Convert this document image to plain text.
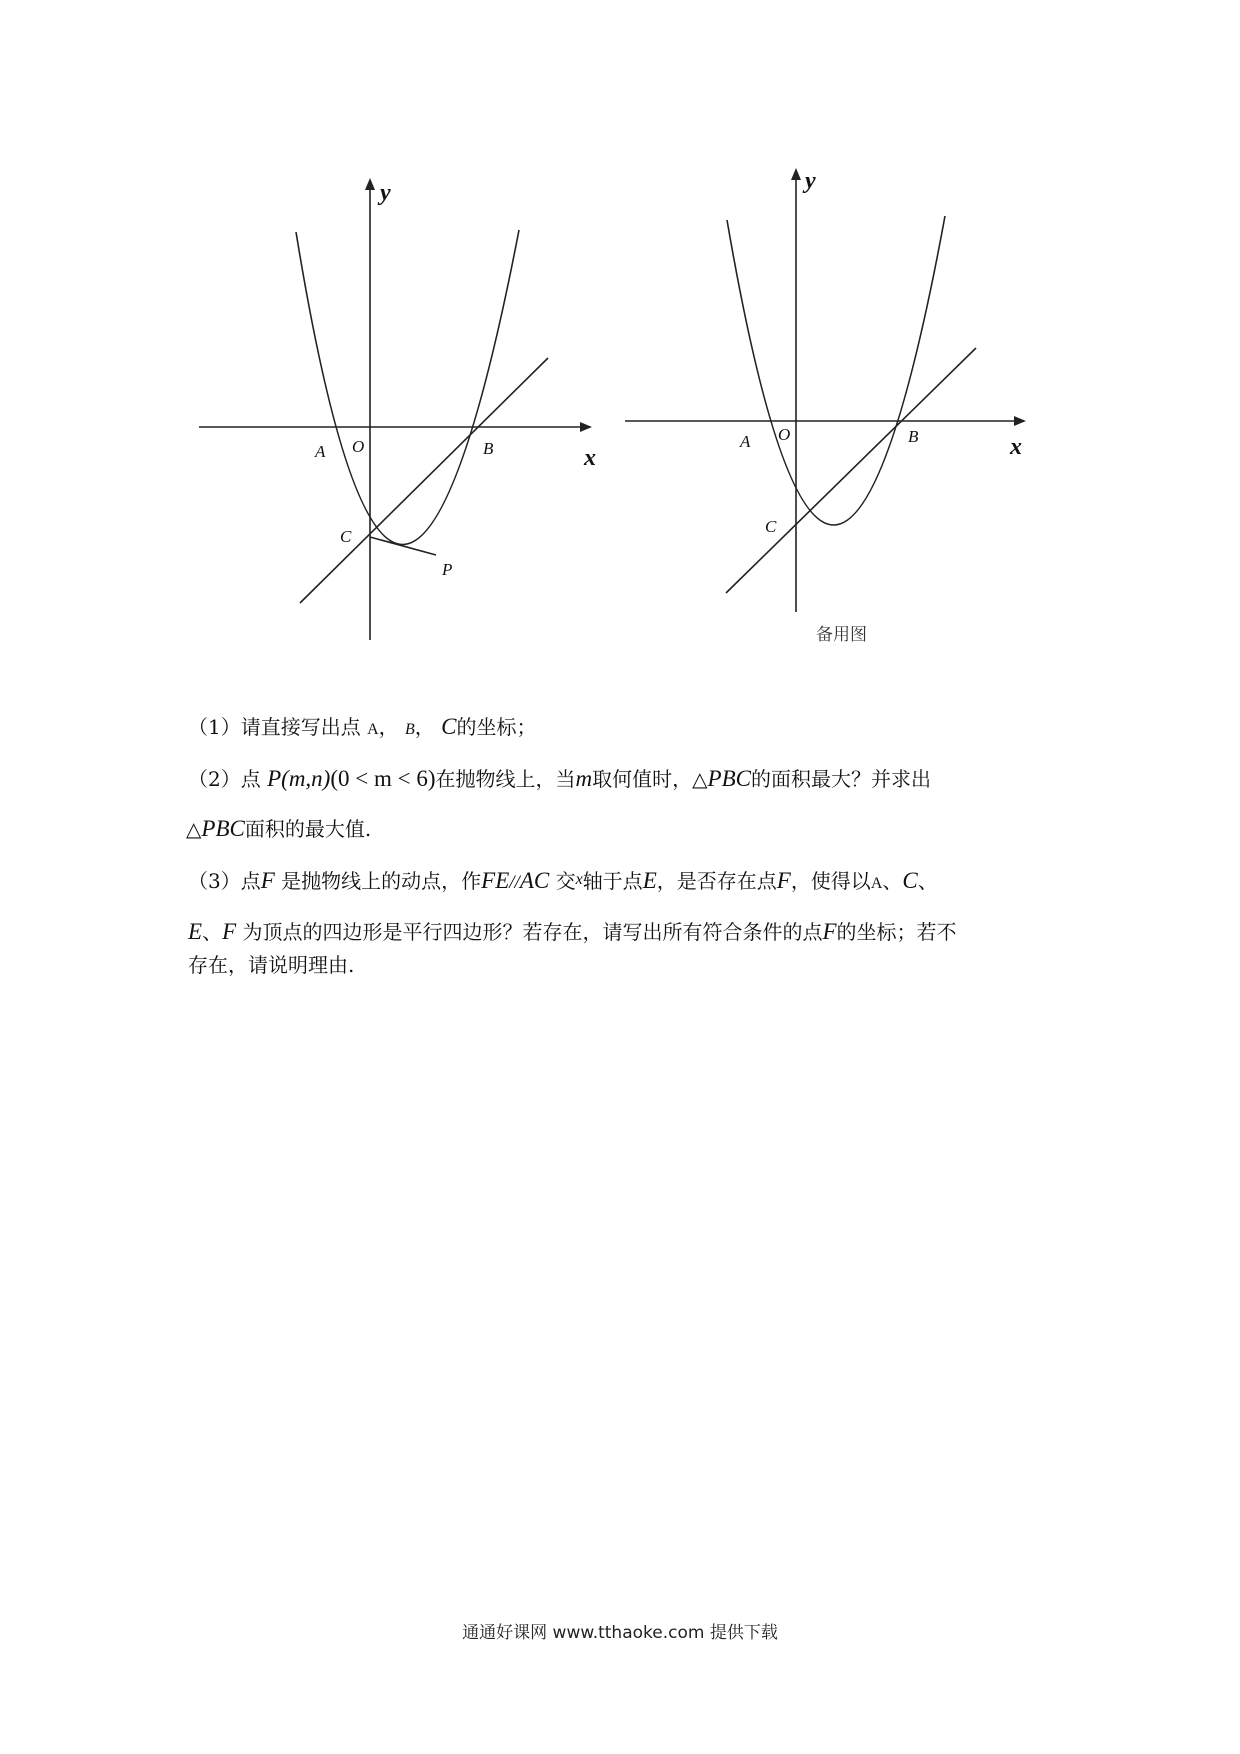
x
y
A O	B
C
P
x
y
A O	B
C
备用图
（1）请直接写出点 A， B， C的坐标；
（2）点 P(m,n)(0 < m < 6)在抛物线上，当m取何值时，△PBC的面积最大？并求出
△PBC面积的最大值.
（3）点F 是抛物线上的动点，作FE//AC 交$^x$轴于点E，是否存在点F，使得以A、C、
E、F 为顶点的四边形是平行四边形？若存在，请写出所有符合条件的点F的坐标；若不
存在，请说明理由.
通通好课网 www.tthaoke.com 提供下载
